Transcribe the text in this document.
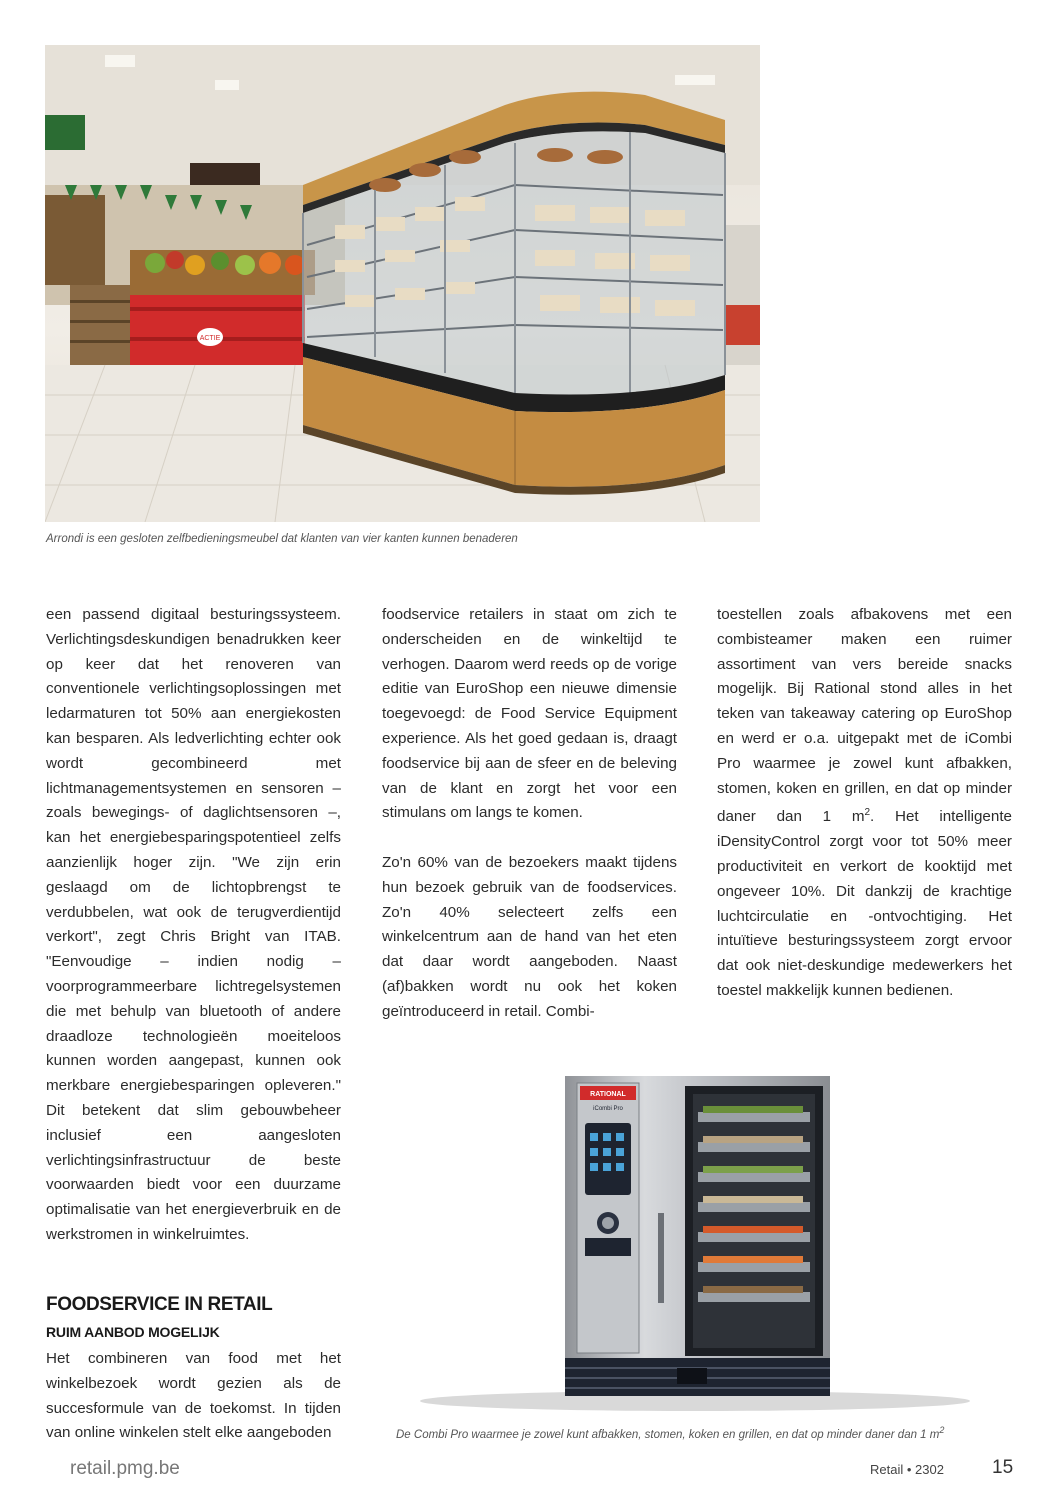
ACTIE
Arrondi is een gesloten zelfbedieningsmeubel dat klanten van vier kanten kunnen benaderen

een passend digitaal besturingssysteem. Verlichtingsdeskundigen benadrukken keer op keer dat het renoveren van conventionele verlichtingsoplossingen met ledarmaturen tot 50% aan energiekosten kan besparen. Als ledverlichting echter ook wordt gecombineerd met lichtmanagementsystemen en sensoren – zoals bewegings- of daglichtsensoren –, kan het energiebesparingspotentieel zelfs aanzienlijk hoger zijn. "We zijn erin geslaagd om de lichtopbrengst te verdubbelen, wat ook de terugverdientijd verkort", zegt Chris Bright van ITAB. "Eenvoudige – indien nodig – voorprogrammeerbare lichtregelsystemen die met behulp van bluetooth of andere draadloze technologieën moeiteloos kunnen worden aangepast, kunnen ook merkbare energiebesparingen opleveren." Dit betekent dat slim gebouwbeheer inclusief een aangesloten verlichtingsinfrastructuur de beste voorwaarden biedt voor een duurzame optimalisatie van het energieverbruik en de werkstromen in winkelruimtes.

FOODSERVICE IN RETAIL
RUIM AANBOD MOGELIJK

Het combineren van food met het winkelbezoek wordt gezien als de succesformule van de toekomst. In tijden van online winkelen stelt elke aangeboden

foodservice retailers in staat om zich te onderscheiden en de winkeltijd te verhogen. Daarom werd reeds op de vorige editie van EuroShop een nieuwe dimensie toegevoegd: de Food Service Equipment experience. Als het goed gedaan is, draagt foodservice bij aan de sfeer en de beleving van de klant en zorgt het voor een stimulans om langs te komen.

Zo'n 60% van de bezoekers maakt tijdens hun bezoek gebruik van de foodservices. Zo'n 40% selecteert zelfs een winkelcentrum aan de hand van het eten dat daar wordt aangeboden. Naast (af)bakken wordt nu ook het koken geïntroduceerd in retail. Combi-

toestellen zoals afbakovens met een combisteamer maken een ruimer assortiment van vers bereide snacks mogelijk. Bij Rational stond alles in het teken van takeaway catering op EuroShop en werd er o.a. uitgepakt met de iCombi Pro waarmee je zowel kunt afbakken, stomen, koken en grillen, en dat op minder daner dan 1 $m^2$. Het intelligente iDensityControl zorgt voor tot 50% meer productiviteit en verkort de kooktijd met ongeveer 10%. Dit dankzij de krachtige luchtcirculatie en -ontvochtiging. Het intuïtieve besturingssysteem zorgt ervoor dat ook niet-deskundige medewerkers het toestel makkelijk kunnen bedienen.

RATIONAL
iCombi Pro
De Combi Pro waarmee je zowel kunt afbakken, stomen, koken en grillen, en dat op minder daner dan 1 $m^2$
retail.pmg.be	Retail • 2302	15
